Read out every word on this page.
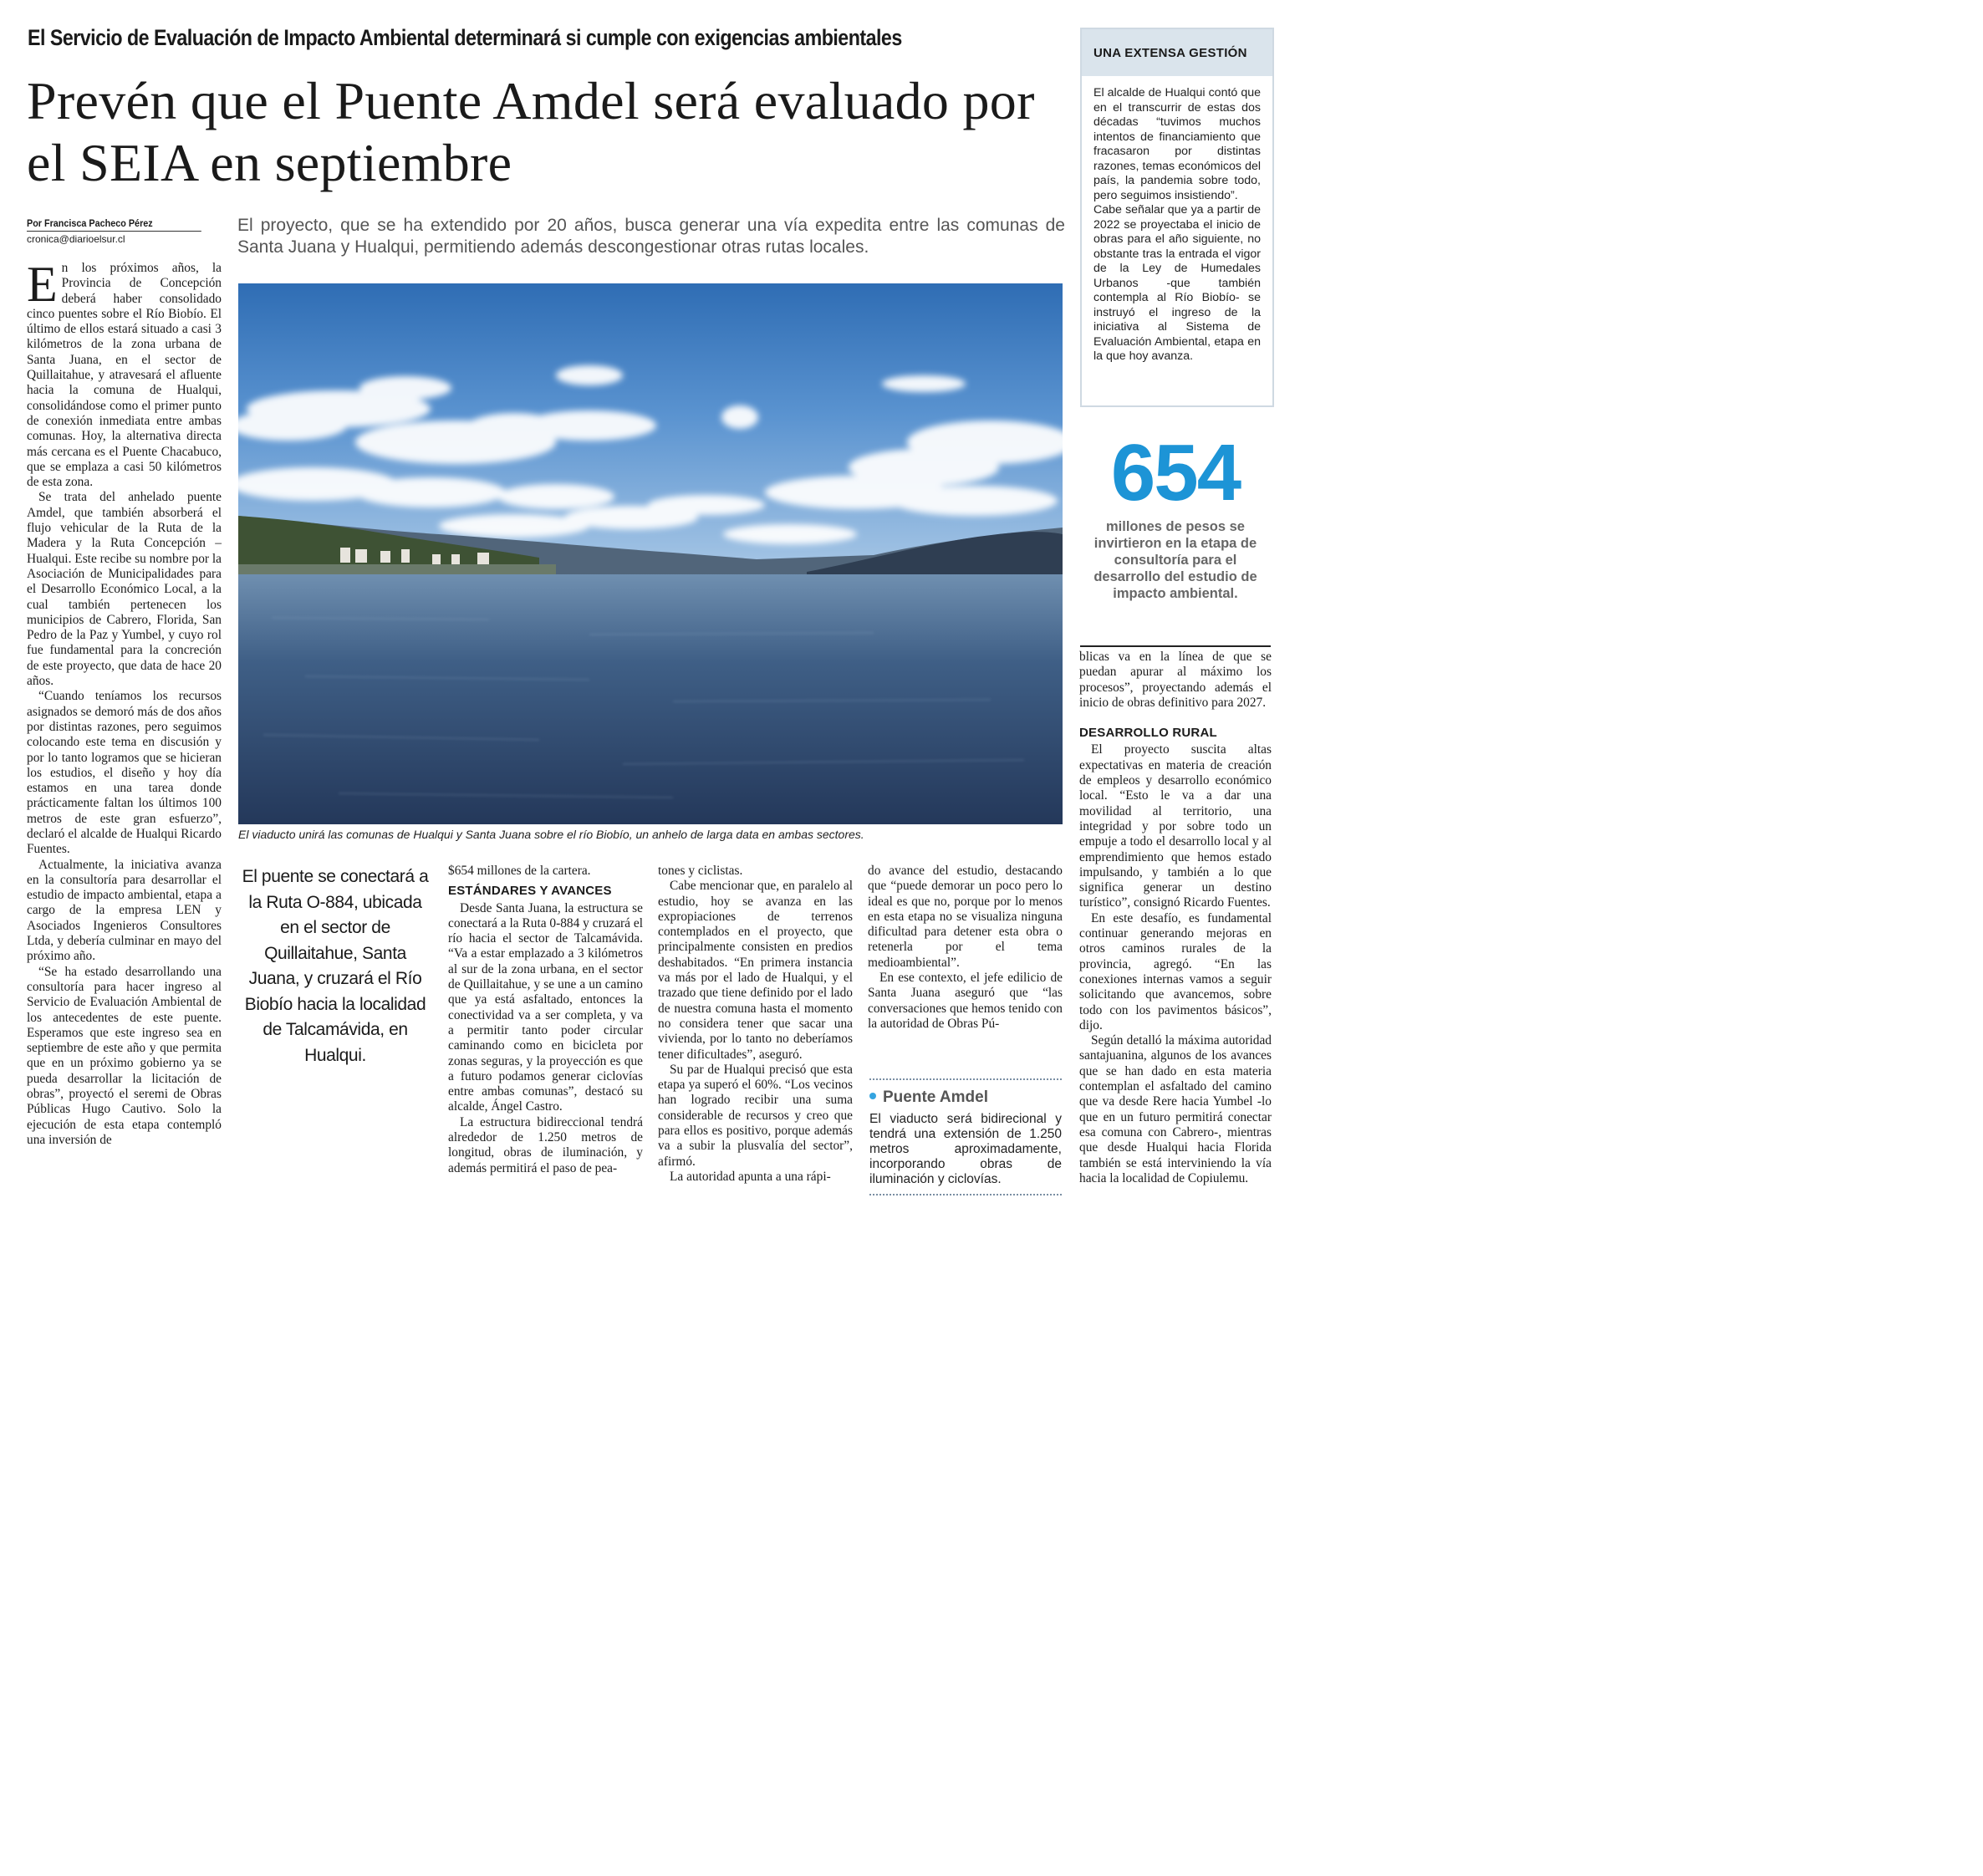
El Servicio de Evaluación de Impacto Ambiental determinará si cumple con exigencias ambientales
Prevén que el Puente Amdel será evaluado por el SEIA en septiembre
Por Francisca Pacheco Pérez
cronica@diarioelsur.cl
El proyecto, que se ha extendido por 20 años, busca generar una vía expedita entre las comunas de Santa Juana y Hualqui, permitiendo además descongestionar otras rutas locales.
El viaducto unirá las comunas de Hualqui y Santa Juana sobre el río Biobío, un anhelo de larga data en ambas sectores.

En los próximos años, la Provincia de Concepción deberá haber consolidado cinco puentes sobre el Río Biobío. El último de ellos estará situado a casi 3 kilómetros de la zona urbana de Santa Juana, en el sector de Quillaitahue, y atravesará el afluente hacia la comuna de Hualqui, consolidándose como el primer punto de conexión inmediata entre ambas comunas. Hoy, la alternativa directa más cercana es el Puente Chacabuco, que se emplaza a casi 50 kilómetros de esta zona.

Se trata del anhelado puente Amdel, que también absorberá el flujo vehicular de la Ruta de la Madera y la Ruta Concepción – Hualqui. Este recibe su nombre por la Asociación de Municipalidades para el Desarrollo Económico Local, a la cual también pertenecen los municipios de Cabrero, Florida, San Pedro de la Paz y Yumbel, y cuyo rol fue fundamental para la concreción de este proyecto, que data de hace 20 años.

“Cuando teníamos los recursos asignados se demoró más de dos años por distintas razones, pero seguimos colocando este tema en discusión y por lo tanto logramos que se hicieran los estudios, el diseño y hoy día estamos en una tarea donde prácticamente faltan los últimos 100 metros de este gran esfuerzo”, declaró el alcalde de Hualqui Ricardo Fuentes.

Actualmente, la iniciativa avanza en la consultoría para desarrollar el estudio de impacto ambiental, etapa a cargo de la empresa LEN y Asociados Ingenieros Consultores Ltda, y debería culminar en mayo del próximo año.

“Se ha estado desarrollando una consultoría para hacer ingreso al Servicio de Evaluación Ambiental de los antecedentes de este puente. Esperamos que este ingreso sea en septiembre de este año y que permita que en un próximo gobierno ya se pueda desarrollar la licitación de obras”, proyectó el seremi de Obras Públicas Hugo Cautivo. Solo la ejecución de esta etapa contempló una inversión de

El puente se conectará a la Ruta O-884, ubicada en el sector de Quillaitahue, Santa Juana, y cruzará el Río Biobío hacia la localidad de Talcamávida, en Hualqui.

$654 millones de la cartera.

ESTÁNDARES Y AVANCES

Desde Santa Juana, la estructura se conectará a la Ruta 0-884 y cruzará el río hacia el sector de Talcamávida. “Va a estar emplazado a 3 kilómetros al sur de la zona urbana, en el sector de Quillaitahue, y se une a un camino que ya está asfaltado, entonces la conectividad va a ser completa, y va a permitir tanto poder circular caminando como en bicicleta por zonas seguras, y la proyección es que a futuro podamos generar ciclovías entre ambas comunas”, destacó su alcalde, Ángel Castro.

La estructura bidireccional tendrá alrededor de 1.250 metros de longitud, obras de iluminación, y además permitirá el paso de pea-

tones y ciclistas.

Cabe mencionar que, en paralelo al estudio, hoy se avanza en las expropiaciones de terrenos contemplados en el proyecto, que principalmente consisten en predios deshabitados. “En primera instancia va más por el lado de Hualqui, y el trazado que tiene definido por el lado de nuestra comuna hasta el momento no considera tener que sacar una vivienda, por lo tanto no deberíamos tener dificultades”, aseguró.

Su par de Hualqui precisó que esta etapa ya superó el 60%. “Los vecinos han logrado recibir una suma considerable de recursos y creo que para ellos es positivo, porque además va a subir la plusvalía del sector”, afirmó.

La autoridad apunta a una rápi-

do avance del estudio, destacando que “puede demorar un poco pero lo ideal es que no, porque por lo menos en esta etapa no se visualiza ninguna dificultad para detener esta obra o retenerla por el tema medioambiental”.

En ese contexto, el jefe edilicio de Santa Juana aseguró que “las conversaciones que hemos tenido con la autoridad de Obras Pú-

Puente Amdel
El viaducto será bidirecional y tendrá una extensión de 1.250 metros aproximadamente, incorporando obras de iluminación y ciclovías.
UNA EXTENSA GESTIÓN

El alcalde de Hualqui contó que en el transcurrir de estas dos décadas “tuvimos muchos intentos de financiamiento que fracasaron por distintas razones, temas económicos del país, la pandemia sobre todo, pero seguimos insistiendo”.

Cabe señalar que ya a partir de 2022 se proyectaba el inicio de obras para el año siguiente, no obstante tras la entrada el vigor de la Ley de Humedales Urbanos -que también contempla al Río Biobío- se instruyó el ingreso de la iniciativa al Sistema de Evaluación Ambiental, etapa en la que hoy avanza.

654
millones de pesos se invirtieron en la etapa de consultoría para el desarrollo del estudio de impacto ambiental.

blicas va en la línea de que se puedan apurar al máximo los procesos”, proyectando además el inicio de obras definitivo para 2027.

DESARROLLO RURAL

El proyecto suscita altas expectativas en materia de creación de empleos y desarrollo económico local. “Esto le va a dar una movilidad al territorio, una integridad y por sobre todo un empuje a todo el desarrollo local y al emprendimiento que hemos estado impulsando, y también a lo que significa generar un destino turístico”, consignó Ricardo Fuentes.

En este desafío, es fundamental continuar generando mejoras en otros caminos rurales de la provincia, agregó. “En las conexiones internas vamos a seguir solicitando que avancemos, sobre todo con los pavimentos básicos”, dijo.

Según detalló la máxima autoridad santajuanina, algunos de los avances que se han dado en esta materia contemplan el asfaltado del camino que va desde Rere hacia Yumbel -lo que en un futuro permitirá conectar esa comuna con Cabrero-, mientras que desde Hualqui hacia Florida también se está interviniendo la vía hacia la localidad de Copiulemu.
